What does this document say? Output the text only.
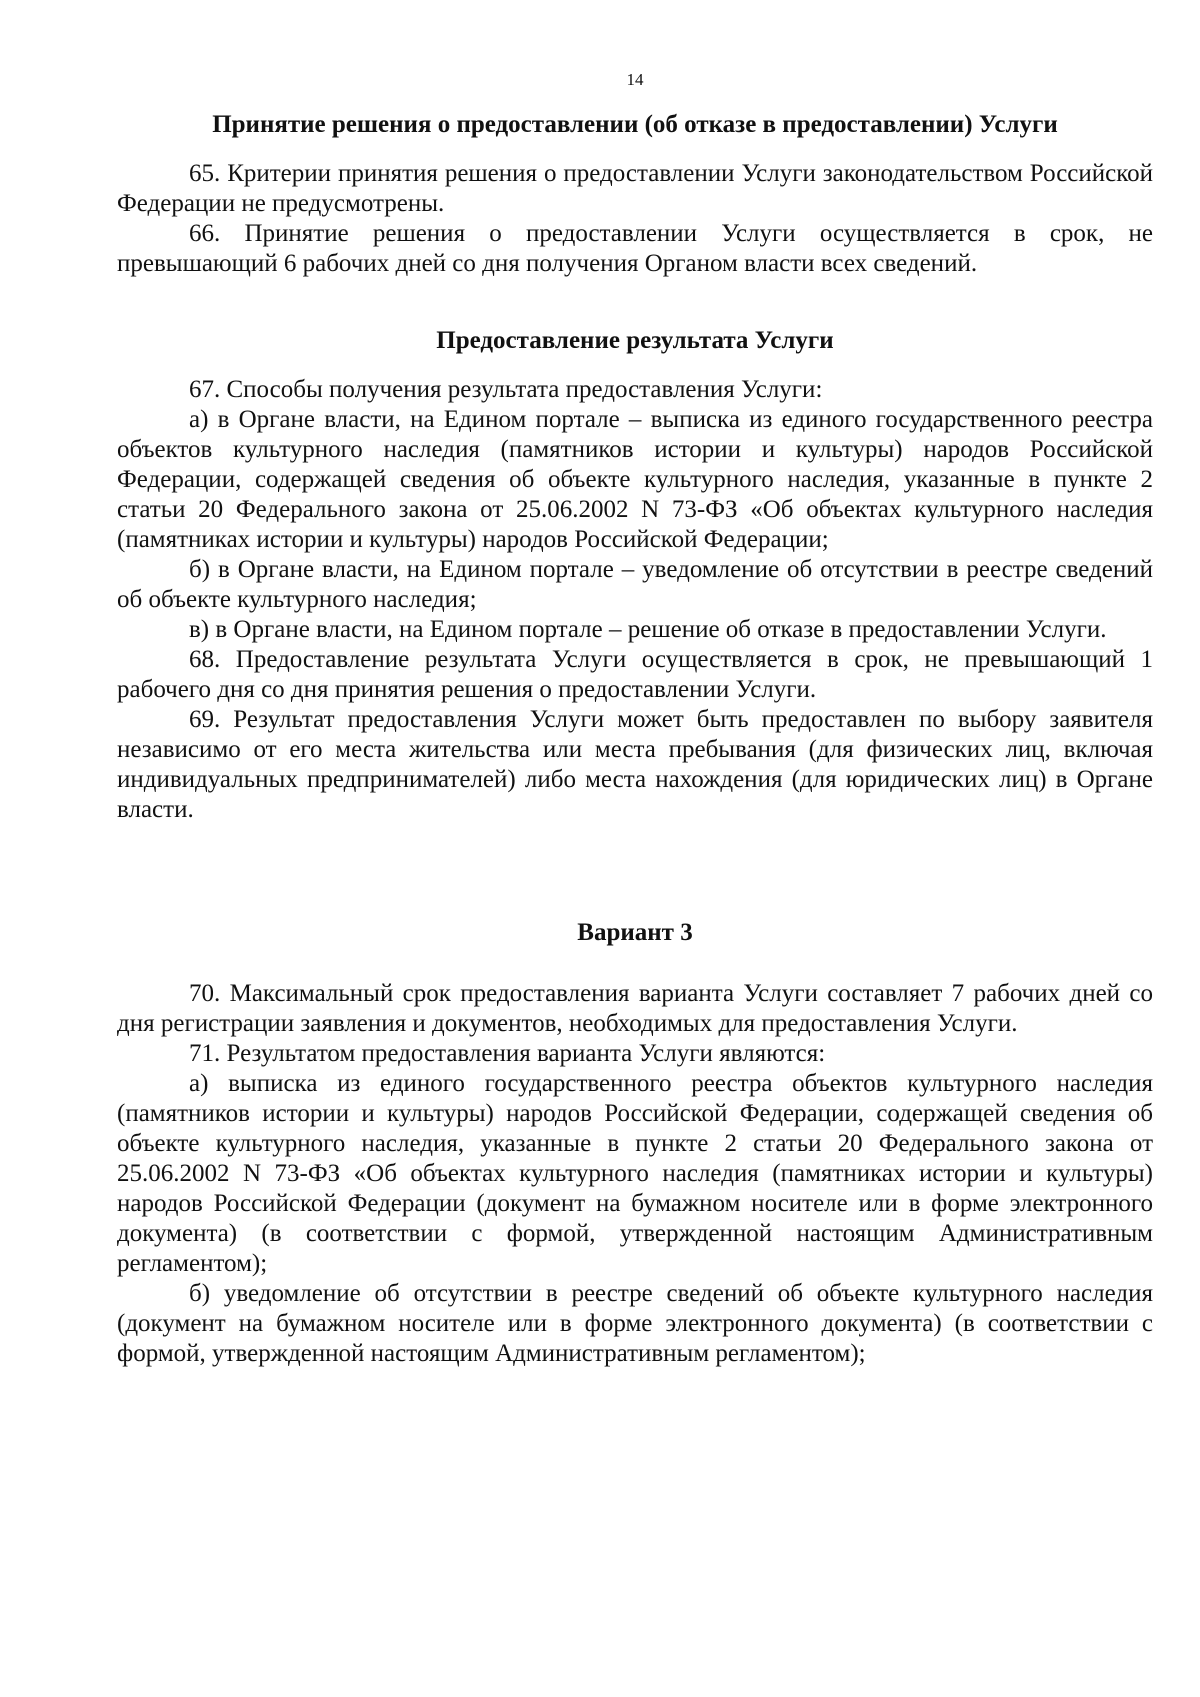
14
Принятие решения о предоставлении (об отказе в предоставлении) Услуги

65. Критерии принятия решения о предоставлении Услуги законодательством Российской Федерации не предусмотрены.

66. Принятие решения о предоставлении Услуги осуществляется в срок, не превышающий 6 рабочих дней со дня получения Органом власти всех сведений.

Предоставление результата Услуги

67. Способы получения результата предоставления Услуги:

а) в Органе власти, на Едином портале – выписка из единого государственного реестра объектов культурного наследия (памятников истории и культуры) народов Российской Федерации, содержащей сведения об объекте культурного наследия, указанные в пункте 2 статьи 20 Федерального закона от 25.06.2002 N 73-ФЗ «Об объектах культурного наследия (памятниках истории и культуры) народов Российской Федерации;

б) в Органе власти, на Едином портале – уведомление об отсутствии в реестре сведений об объекте культурного наследия;

в) в Органе власти, на Едином портале – решение об отказе в предоставлении Услуги.

68. Предоставление результата Услуги осуществляется в срок, не превышающий 1 рабочего дня со дня принятия решения о предоставлении Услуги.

69. Результат предоставления Услуги может быть предоставлен по выбору заявителя независимо от его места жительства или места пребывания (для физических лиц, включая индивидуальных предпринимателей) либо места нахождения (для юридических лиц) в Органе власти.

Вариант 3

70. Максимальный срок предоставления варианта Услуги составляет 7 рабочих дней со дня регистрации заявления и документов, необходимых для предоставления Услуги.

71. Результатом предоставления варианта Услуги являются:

а) выписка из единого государственного реестра объектов культурного наследия (памятников истории и культуры) народов Российской Федерации, содержащей сведения об объекте культурного наследия, указанные в пункте 2 статьи 20 Федерального закона от 25.06.2002 N 73-ФЗ «Об объектах культурного наследия (памятниках истории и культуры) народов Российской Федерации (документ на бумажном носителе или в форме электронного документа) (в соответствии с формой, утвержденной настоящим Административным регламентом);

б) уведомление об отсутствии в реестре сведений об объекте культурного наследия (документ на бумажном носителе или в форме электронного документа) (в соответствии с формой, утвержденной настоящим Административным регламентом);
